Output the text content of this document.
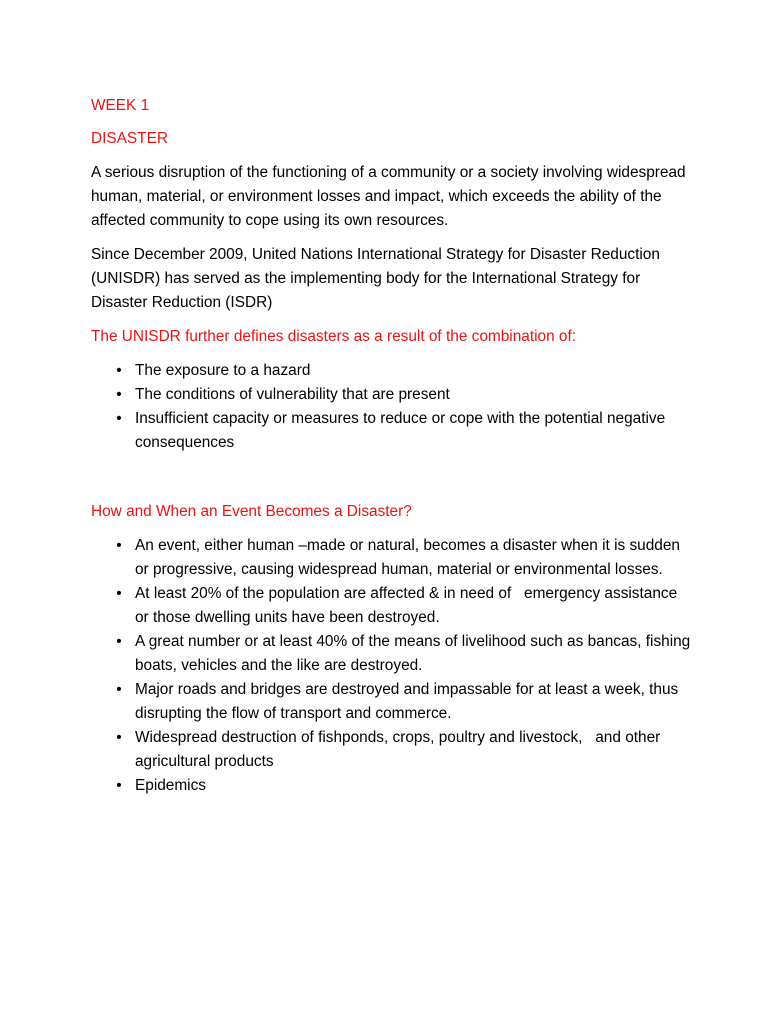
WEEK 1

DISASTER

A serious disruption of the functioning of a community or a society involving widespread human, material, or environment losses and impact, which exceeds the ability of the affected community to cope using its own resources.

Since December 2009, United Nations International Strategy for Disaster Reduction (UNISDR) has served as the implementing body for the International Strategy for Disaster Reduction (ISDR)

The UNISDR further defines disasters as a result of the combination of:

• The exposure to a hazard
• The conditions of vulnerability that are present
• Insufficient capacity or measures to reduce or cope with the potential negative consequences

How and When an Event Becomes a Disaster?

• An event, either human –made or natural, becomes a disaster when it is sudden or progressive, causing widespread human, material or environmental losses.
• At least 20% of the population are affected & in need of   emergency assistance or those dwelling units have been destroyed.
• A great number or at least 40% of the means of livelihood such as bancas, fishing boats, vehicles and the like are destroyed.
• Major roads and bridges are destroyed and impassable for at least a week, thus disrupting the flow of transport and commerce.
• Widespread destruction of fishponds, crops, poultry and livestock,   and other agricultural products
• Epidemics
